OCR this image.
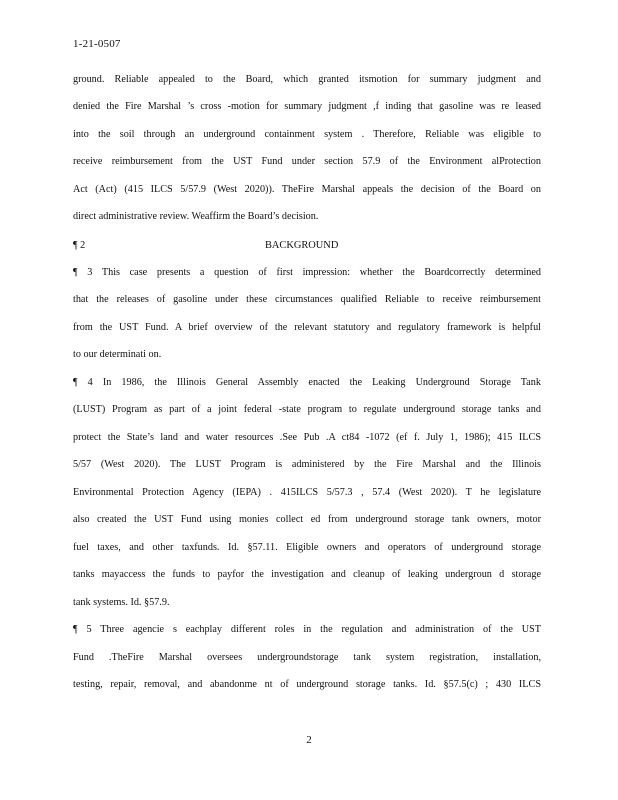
1-21-0507
ground. Reliable appealed to the Board, which granted itsmotion for summary judgment and
denied the Fire Marshal ’s cross -motion for summary judgment ,f inding that gasoline was re leased
into the soil through an underground containment system . Therefore, Reliable was eligible to
receive reimbursement from the UST Fund under section 57.9 of the Environment alProtection
Act (Act) (415 ILCS 5/57.9 (West 2020)). TheFire Marshal appeals the decision of the Board on
direct administrative review. Weaffirm the Board’s decision.
¶ 2	BACKGROUND
¶ 3 This case presents a question of first impression: whether the Boardcorrectly determined
that the releases of gasoline under these circumstances qualified Reliable to receive reimbursement
from the UST Fund. A brief overview of the relevant statutory and regulatory framework is helpful
to our determinati on.
¶ 4 In 1986, the Illinois General Assembly enacted the Leaking Underground Storage Tank
(LUST) Program as part of a joint federal -state program to regulate underground storage tanks and
protect the State’s land and water resources .See Pub .A ct84 -1072 (ef f. July 1, 1986); 415 ILCS
5/57 (West 2020). The LUST Program is administered by the Fire Marshal and the Illinois
Environmental Protection Agency (IEPA) . 415ILCS 5/57.3 , 57.4 (West 2020). T he legislature
also created the UST Fund using monies collect ed from underground storage tank owners, motor
fuel taxes, and other taxfunds. Id. §57.11. Eligible owners and operators of underground storage
tanks mayaccess the funds to payfor the investigation and cleanup of leaking undergroun d storage
tank systems. Id. §57.9.
¶ 5 Three agencie s eachplay different roles in the regulation and administration of the UST
Fund .TheFire Marshal oversees undergroundstorage tank system registration, installation,
testing, repair, removal, and abandonme nt of underground storage tanks. Id. §57.5(c) ; 430 ILCS
2
